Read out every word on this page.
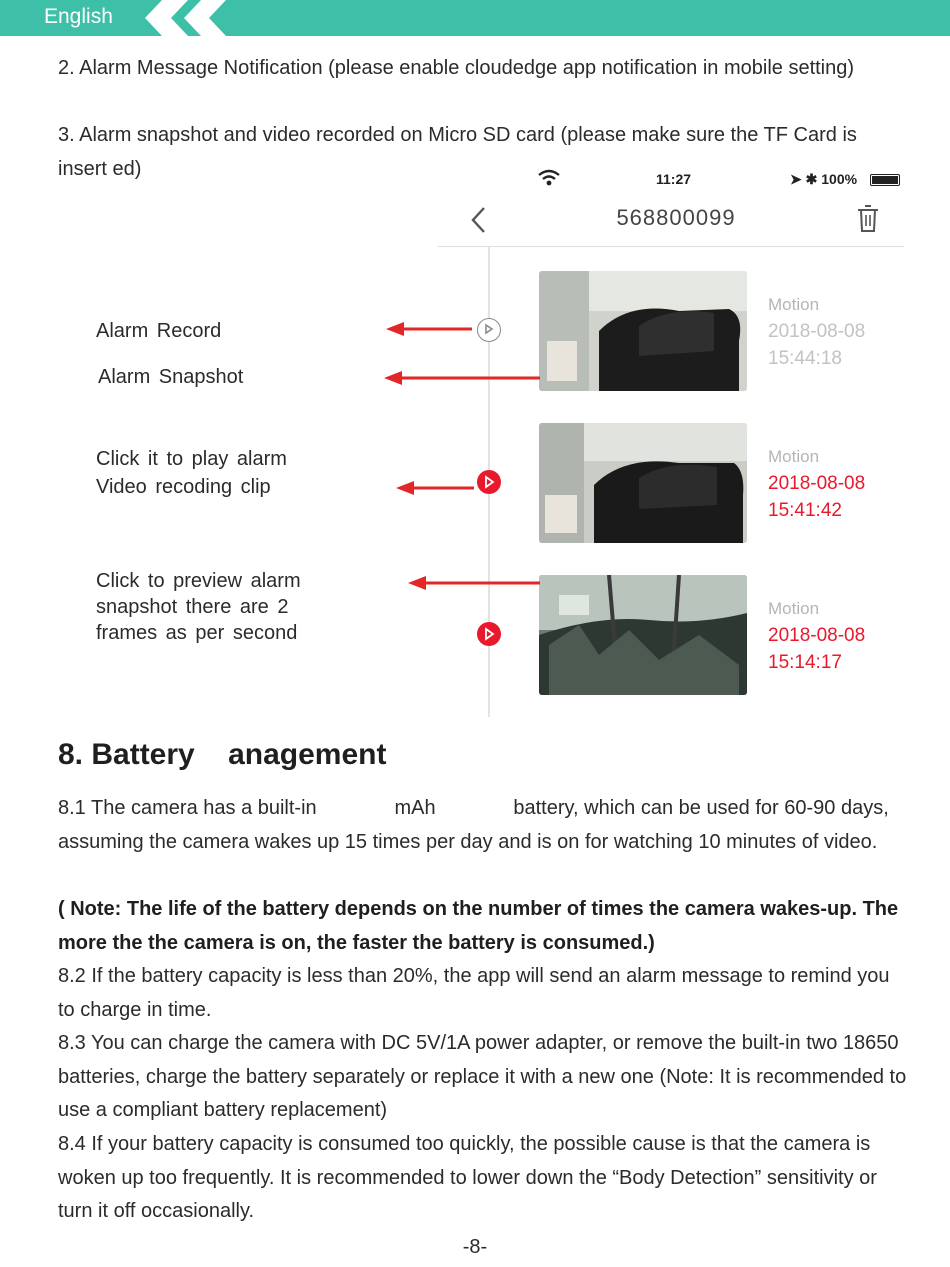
English
2. Alarm Message Notification (please enable cloudedge app notification in mobile setting)
3. Alarm snapshot and video recorded on Micro SD card (please make sure the TF Card is insert ed)	11:27	➤ ✱ 100%
568800099
Motion
2018-08-08
15:44:18
Motion
2018-08-08
15:41:42
Motion
2018-08-08
15:14:17
Alarm Record
Alarm Snapshot
Click it to play alarm
Video recoding clip
Click to preview alarm
snapshot there are 2
frames as per second
8. Battery    anagement
8.1 The camera has a built-in              mAh              battery, which can be used for 60-90 days, assuming the camera wakes up 15 times per day and is on for watching 10 minutes of video.
( Note: The life of the battery depends on the number of times the camera wakes-up. The more the the camera is on, the faster the battery is consumed.)
8.2 If the battery capacity is less than 20%, the app will send an alarm message to remind you to charge in time.
8.3 You can charge the camera with DC 5V/1A power adapter, or remove the built-in two 18650 batteries, charge the battery separately or replace it with a new one (Note: It is recommended to use a compliant battery replacement)
8.4 If your battery capacity is consumed too quickly, the possible cause is that the camera is woken up too frequently. It is recommended to lower down the “Body Detection” sensitivity or turn it off occasionally.
-8-
